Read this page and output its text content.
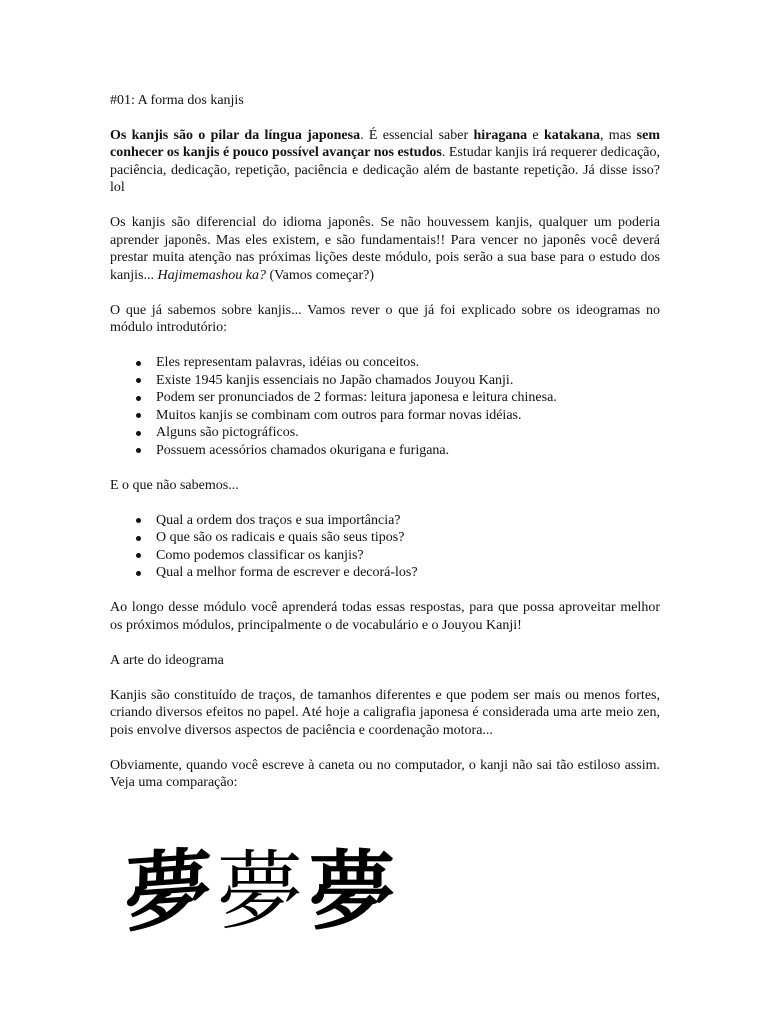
#01: A forma dos kanjis

Os kanjis são o pilar da língua japonesa. É essencial saber hiragana e katakana, mas sem conhecer os kanjis é pouco possível avançar nos estudos. Estudar kanjis irá requerer dedicação, paciência, dedicação, repetição, paciência e dedicação além de bastante repetição. Já disse isso? lol

Os kanjis são diferencial do idioma japonês. Se não houvessem kanjis, qualquer um poderia aprender japonês. Mas eles existem, e são fundamentais!! Para vencer no japonês você deverá prestar muita atenção nas próximas lições deste módulo, pois serão a sua base para o estudo dos kanjis... Hajimemashou ka? (Vamos começar?)

O que já sabemos sobre kanjis... Vamos rever o que já foi explicado sobre os ideogramas no módulo introdutório:

Eles representam palavras, idéias ou conceitos.
Existe 1945 kanjis essenciais no Japão chamados Jouyou Kanji.
Podem ser pronunciados de 2 formas: leitura japonesa e leitura chinesa.
Muitos kanjis se combinam com outros para formar novas idéias.
Alguns são pictográficos.
Possuem acessórios chamados okurigana e furigana.

E o que não sabemos...

Qual a ordem dos traços e sua importância?
O que são os radicais e quais são seus tipos?
Como podemos classificar os kanjis?
Qual a melhor forma de escrever e decorá-los?

Ao longo desse módulo você aprenderá todas essas respostas, para que possa aproveitar melhor os próximos módulos, principalmente o de vocabulário e o Jouyou Kanji!

A arte do ideograma

Kanjis são constituído de traços, de tamanhos diferentes e que podem ser mais ou menos fortes, criando diversos efeitos no papel. Até hoje a caligrafia japonesa é considerada uma arte meio zen, pois envolve diversos aspectos de paciência e coordenação motora...

Obviamente, quando você escreve à caneta ou no computador, o kanji não sai tão estiloso assim. Veja uma comparação:

夢 夢 夢
